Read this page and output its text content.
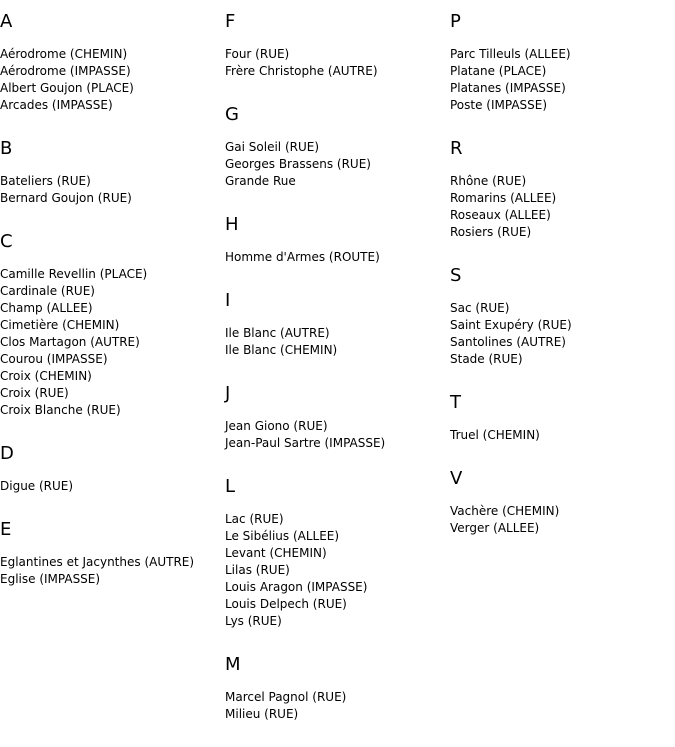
A
Aérodrome (CHEMIN)
Aérodrome (IMPASSE)
Albert Goujon (PLACE)
Arcades (IMPASSE)
B
Bateliers (RUE)
Bernard Goujon (RUE)
C
Camille Revellin (PLACE)
Cardinale (RUE)
Champ (ALLEE)
Cimetière (CHEMIN)
Clos Martagon (AUTRE)
Courou (IMPASSE)
Croix (CHEMIN)
Croix (RUE)
Croix Blanche (RUE)
D
Digue (RUE)
E
Eglantines et Jacynthes (AUTRE)
Eglise (IMPASSE)
F
Four (RUE)
Frère Christophe (AUTRE)
G
Gai Soleil (RUE)
Georges Brassens (RUE)
Grande Rue
H
Homme d'Armes (ROUTE)
I
Ile Blanc (AUTRE)
Ile Blanc (CHEMIN)
J
Jean Giono (RUE)
Jean-Paul Sartre (IMPASSE)
L
Lac (RUE)
Le Sibélius (ALLEE)
Levant (CHEMIN)
Lilas (RUE)
Louis Aragon (IMPASSE)
Louis Delpech (RUE)
Lys (RUE)
M
Marcel Pagnol (RUE)
Milieu (RUE)
P
Parc Tilleuls (ALLEE)
Platane (PLACE)
Platanes (IMPASSE)
Poste (IMPASSE)
R
Rhône (RUE)
Romarins (ALLEE)
Roseaux (ALLEE)
Rosiers (RUE)
S
Sac (RUE)
Saint Exupéry (RUE)
Santolines (AUTRE)
Stade (RUE)
T
Truel (CHEMIN)
V
Vachère (CHEMIN)
Verger (ALLEE)
